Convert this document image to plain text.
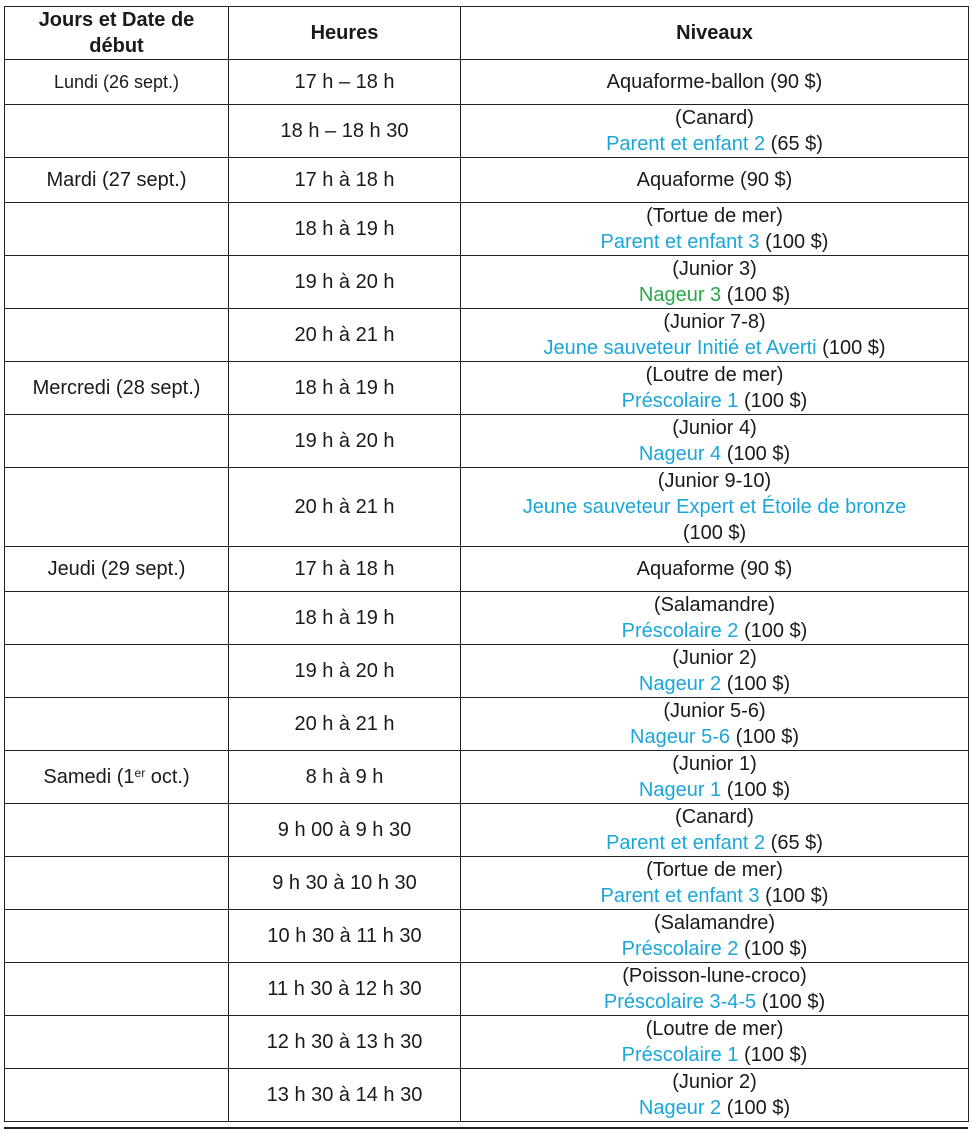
Jours et Date de début	Heures	Niveaux
Lundi (26 sept.)	17 h – 18 h	Aquaforme-ballon (90 $)
	18 h – 18 h 30	(Canard)
Parent et enfant 2 (65 $)
Mardi (27 sept.)	17 h à 18 h	Aquaforme (90 $)
	18 h à 19 h	(Tortue de mer)
Parent et enfant 3 (100 $)
	19 h à 20 h	(Junior 3)
Nageur 3 (100 $)
	20 h à 21 h	(Junior 7-8)
Jeune sauveteur Initié et Averti (100 $)
Mercredi (28 sept.)	18 h à 19 h	(Loutre de mer)
Préscolaire 1 (100 $)
	19 h à 20 h	(Junior 4)
Nageur 4 (100 $)
	20 h à 21 h	(Junior 9-10)
Jeune sauveteur Expert et Étoile de bronze
(100 $)
Jeudi (29 sept.)	17 h à 18 h	Aquaforme (90 $)
	18 h à 19 h	(Salamandre)
Préscolaire 2 (100 $)
	19 h à 20 h	(Junior 2)
Nageur 2 (100 $)
	20 h à 21 h	(Junior 5-6)
Nageur 5-6 (100 $)
Samedi (1er oct.)	8 h à 9 h	(Junior 1)
Nageur 1 (100 $)
	9 h 00 à 9 h 30	(Canard)
Parent et enfant 2 (65 $)
	9 h 30 à 10 h 30	(Tortue de mer)
Parent et enfant 3 (100 $)
	10 h 30 à 11 h 30	(Salamandre)
Préscolaire 2 (100 $)
	11 h 30 à 12 h 30	(Poisson-lune-croco)
Préscolaire 3-4-5 (100 $)
	12 h 30 à 13 h 30	(Loutre de mer)
Préscolaire 1 (100 $)
	13 h 30 à 14 h 30	(Junior 2)
Nageur 2 (100 $)
